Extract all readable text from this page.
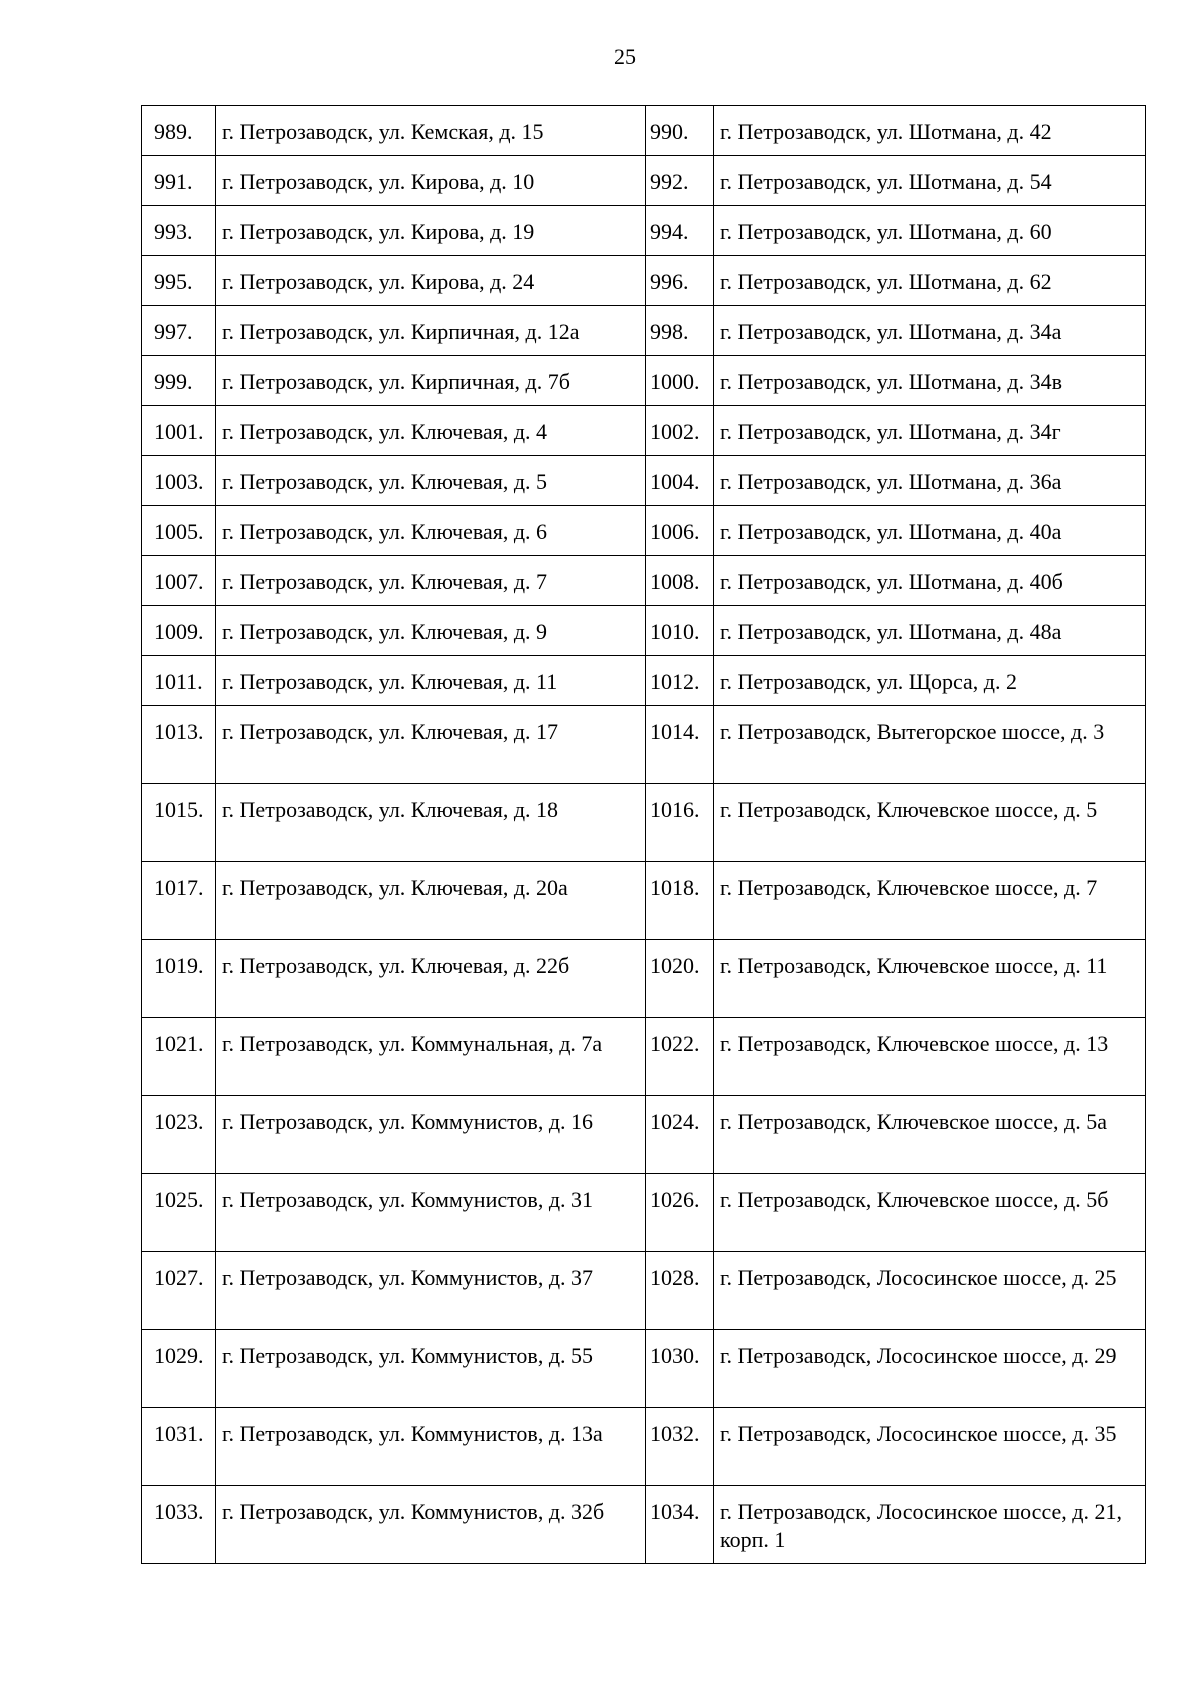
25
989.	г. Петрозаводск, ул. Кемская, д. 15	990.	г. Петрозаводск, ул. Шотмана, д. 42
991.	г. Петрозаводск, ул. Кирова, д. 10	992.	г. Петрозаводск, ул. Шотмана, д. 54
993.	г. Петрозаводск, ул. Кирова, д. 19	994.	г. Петрозаводск, ул. Шотмана, д. 60
995.	г. Петрозаводск, ул. Кирова, д. 24	996.	г. Петрозаводск, ул. Шотмана, д. 62
997.	г. Петрозаводск, ул. Кирпичная, д. 12а	998.	г. Петрозаводск, ул. Шотмана, д. 34а
999.	г. Петрозаводск, ул. Кирпичная, д. 7б	1000.	г. Петрозаводск, ул. Шотмана, д. 34в
1001.	г. Петрозаводск, ул. Ключевая, д. 4	1002.	г. Петрозаводск, ул. Шотмана, д. 34г
1003.	г. Петрозаводск, ул. Ключевая, д. 5	1004.	г. Петрозаводск, ул. Шотмана, д. 36а
1005.	г. Петрозаводск, ул. Ключевая, д. 6	1006.	г. Петрозаводск, ул. Шотмана, д. 40а
1007.	г. Петрозаводск, ул. Ключевая, д. 7	1008.	г. Петрозаводск, ул. Шотмана, д. 40б
1009.	г. Петрозаводск, ул. Ключевая, д. 9	1010.	г. Петрозаводск, ул. Шотмана, д. 48а
1011.	г. Петрозаводск, ул. Ключевая, д. 11	1012.	г. Петрозаводск, ул. Щорса, д. 2
1013.	г. Петрозаводск, ул. Ключевая, д. 17	1014.	г. Петрозаводск, Вытегорское шоссе, д. 3
1015.	г. Петрозаводск, ул. Ключевая, д. 18	1016.	г. Петрозаводск, Ключевское шоссе, д. 5
1017.	г. Петрозаводск, ул. Ключевая, д. 20а	1018.	г. Петрозаводск, Ключевское шоссе, д. 7
1019.	г. Петрозаводск, ул. Ключевая, д. 22б	1020.	г. Петрозаводск, Ключевское шоссе, д. 11
1021.	г. Петрозаводск, ул. Коммунальная, д. 7а	1022.	г. Петрозаводск, Ключевское шоссе, д. 13
1023.	г. Петрозаводск, ул. Коммунистов, д. 16	1024.	г. Петрозаводск, Ключевское шоссе, д. 5а
1025.	г. Петрозаводск, ул. Коммунистов, д. 31	1026.	г. Петрозаводск, Ключевское шоссе, д. 5б
1027.	г. Петрозаводск, ул. Коммунистов, д. 37	1028.	г. Петрозаводск, Лососинское шоссе, д. 25
1029.	г. Петрозаводск, ул. Коммунистов, д. 55	1030.	г. Петрозаводск, Лососинское шоссе, д. 29
1031.	г. Петрозаводск, ул. Коммунистов, д. 13а	1032.	г. Петрозаводск, Лососинское шоссе, д. 35
1033.	г. Петрозаводск, ул. Коммунистов, д. 32б	1034.	г. Петрозаводск, Лососинское шоссе, д. 21, корп. 1
